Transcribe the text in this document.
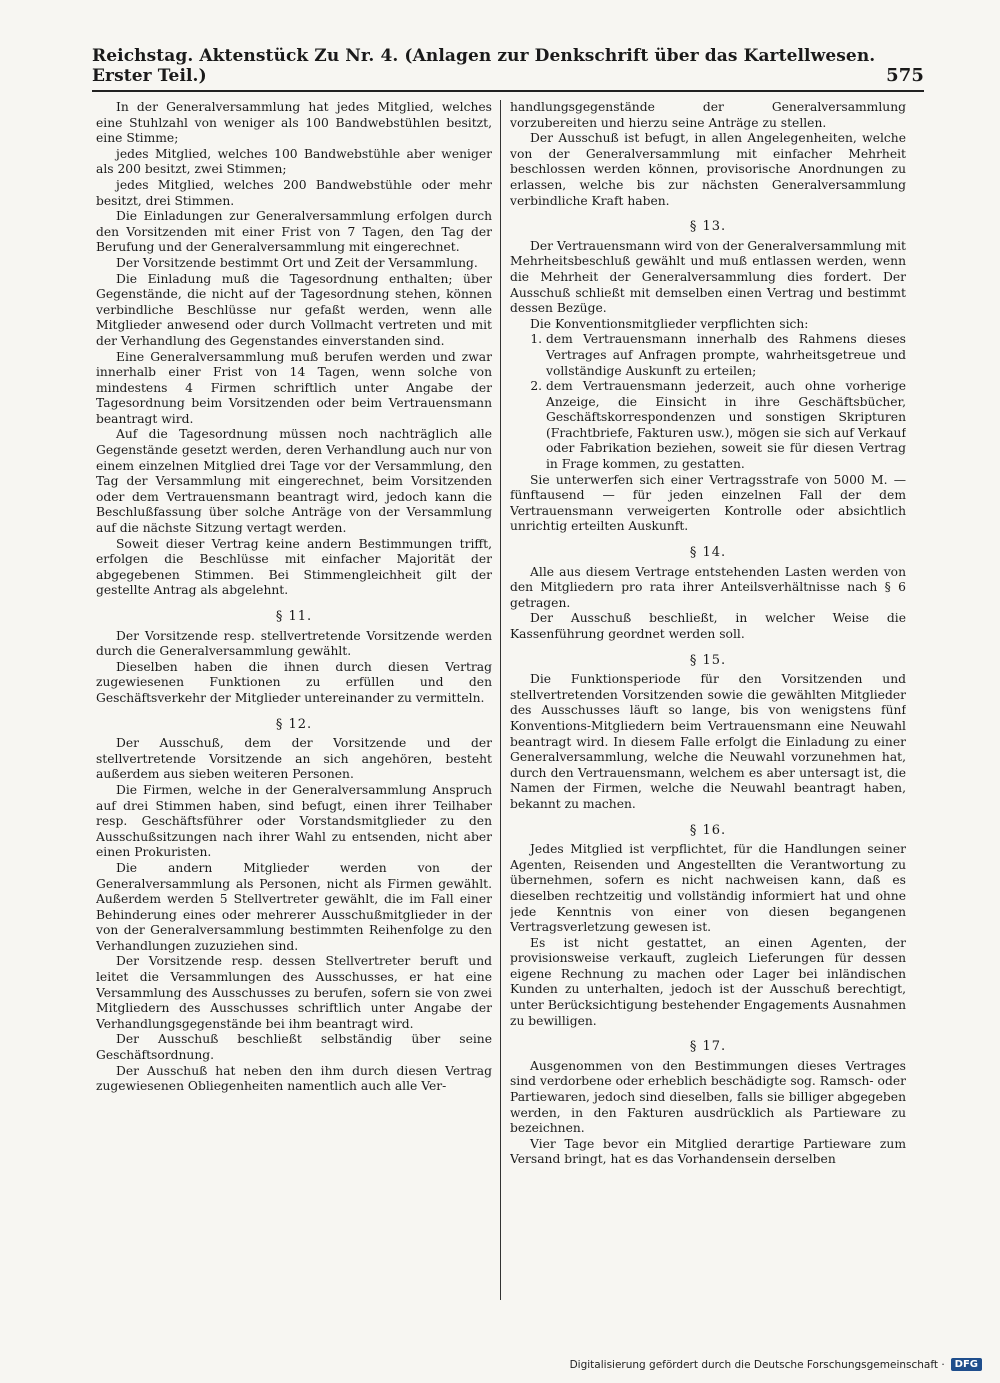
Reichstag. Aktenstück Zu Nr. 4. (Anlagen zur Denkschrift über das Kartellwesen. Erster Teil.)	575

In der Generalversammlung hat jedes Mitglied, welches eine Stuhlzahl von weniger als 100 Bandwebstühlen besitzt, eine Stimme;

jedes Mitglied, welches 100 Bandwebstühle aber weniger als 200 besitzt, zwei Stimmen;

jedes Mitglied, welches 200 Bandwebstühle oder mehr besitzt, drei Stimmen.

Die Einladungen zur Generalversammlung erfolgen durch den Vorsitzenden mit einer Frist von 7 Tagen, den Tag der Berufung und der Generalversammlung mit eingerechnet.

Der Vorsitzende bestimmt Ort und Zeit der Versammlung.

Die Einladung muß die Tagesordnung enthalten; über Gegenstände, die nicht auf der Tagesordnung stehen, können verbindliche Beschlüsse nur gefaßt werden, wenn alle Mitglieder anwesend oder durch Vollmacht vertreten und mit der Verhandlung des Gegenstandes einverstanden sind.

Eine Generalversammlung muß berufen werden und zwar innerhalb einer Frist von 14 Tagen, wenn solche von mindestens 4 Firmen schriftlich unter Angabe der Tagesordnung beim Vorsitzenden oder beim Vertrauensmann beantragt wird.

Auf die Tagesordnung müssen noch nachträglich alle Gegenstände gesetzt werden, deren Verhandlung auch nur von einem einzelnen Mitglied drei Tage vor der Versammlung, den Tag der Versammlung mit eingerechnet, beim Vorsitzenden oder dem Vertrauensmann beantragt wird, jedoch kann die Beschlußfassung über solche Anträge von der Versammlung auf die nächste Sitzung vertagt werden.

Soweit dieser Vertrag keine andern Bestimmungen trifft, erfolgen die Beschlüsse mit einfacher Majorität der abgegebenen Stimmen. Bei Stimmengleichheit gilt der gestellte Antrag als abgelehnt.

§ 11.

Der Vorsitzende resp. stellvertretende Vorsitzende werden durch die Generalversammlung gewählt.

Dieselben haben die ihnen durch diesen Vertrag zugewiesenen Funktionen zu erfüllen und den Geschäftsverkehr der Mitglieder untereinander zu vermitteln.

§ 12.

Der Ausschuß, dem der Vorsitzende und der stellvertretende Vorsitzende an sich angehören, besteht außerdem aus sieben weiteren Personen.

Die Firmen, welche in der Generalversammlung Anspruch auf drei Stimmen haben, sind befugt, einen ihrer Teilhaber resp. Geschäftsführer oder Vorstandsmitglieder zu den Ausschußsitzungen nach ihrer Wahl zu entsenden, nicht aber einen Prokuristen.

Die andern Mitglieder werden von der Generalversammlung als Personen, nicht als Firmen gewählt. Außerdem werden 5 Stellvertreter gewählt, die im Fall einer Behinderung eines oder mehrerer Ausschußmitglieder in der von der Generalversammlung bestimmten Reihenfolge zu den Verhandlungen zuzuziehen sind.

Der Vorsitzende resp. dessen Stellvertreter beruft und leitet die Versammlungen des Ausschusses, er hat eine Versammlung des Ausschusses zu berufen, sofern sie von zwei Mitgliedern des Ausschusses schriftlich unter Angabe der Verhandlungsgegenstände bei ihm beantragt wird.

Der Ausschuß beschließt selbständig über seine Geschäftsordnung.

Der Ausschuß hat neben den ihm durch diesen Vertrag zugewiesenen Obliegenheiten namentlich auch alle Ver-

handlungsgegenstände der Generalversammlung vorzubereiten und hierzu seine Anträge zu stellen.

Der Ausschuß ist befugt, in allen Angelegenheiten, welche von der Generalversammlung mit einfacher Mehrheit beschlossen werden können, provisorische Anordnungen zu erlassen, welche bis zur nächsten Generalversammlung verbindliche Kraft haben.

§ 13.

Der Vertrauensmann wird von der Generalversammlung mit Mehrheitsbeschluß gewählt und muß entlassen werden, wenn die Mehrheit der Generalversammlung dies fordert. Der Ausschuß schließt mit demselben einen Vertrag und bestimmt dessen Bezüge.

Die Konventionsmitglieder verpflichten sich:

1. dem Vertrauensmann innerhalb des Rahmens dieses Vertrages auf Anfragen prompte, wahrheitsgetreue und vollständige Auskunft zu erteilen;
2. dem Vertrauensmann jederzeit, auch ohne vorherige Anzeige, die Einsicht in ihre Geschäftsbücher, Geschäftskorrespondenzen und sonstigen Skripturen (Frachtbriefe, Fakturen usw.), mögen sie sich auf Verkauf oder Fabrikation beziehen, soweit sie für diesen Vertrag in Frage kommen, zu gestatten.

Sie unterwerfen sich einer Vertragsstrafe von 5000 M. — fünftausend — für jeden einzelnen Fall der dem Vertrauensmann verweigerten Kontrolle oder absichtlich unrichtig erteilten Auskunft.

§ 14.

Alle aus diesem Vertrage entstehenden Lasten werden von den Mitgliedern pro rata ihrer Anteilsverhältnisse nach § 6 getragen.

Der Ausschuß beschließt, in welcher Weise die Kassenführung geordnet werden soll.

§ 15.

Die Funktionsperiode für den Vorsitzenden und stellvertretenden Vorsitzenden sowie die gewählten Mitglieder des Ausschusses läuft so lange, bis von wenigstens fünf Konventions-Mitgliedern beim Vertrauensmann eine Neuwahl beantragt wird. In diesem Falle erfolgt die Einladung zu einer Generalversammlung, welche die Neuwahl vorzunehmen hat, durch den Vertrauensmann, welchem es aber untersagt ist, die Namen der Firmen, welche die Neuwahl beantragt haben, bekannt zu machen.

§ 16.

Jedes Mitglied ist verpflichtet, für die Handlungen seiner Agenten, Reisenden und Angestellten die Verantwortung zu übernehmen, sofern es nicht nachweisen kann, daß es dieselben rechtzeitig und vollständig informiert hat und ohne jede Kenntnis von einer von diesen begangenen Vertragsverletzung gewesen ist.

Es ist nicht gestattet, an einen Agenten, der provisionsweise verkauft, zugleich Lieferungen für dessen eigene Rechnung zu machen oder Lager bei inländischen Kunden zu unterhalten, jedoch ist der Ausschuß berechtigt, unter Berücksichtigung bestehender Engagements Ausnahmen zu bewilligen.

§ 17.

Ausgenommen von den Bestimmungen dieses Vertrages sind verdorbene oder erheblich beschädigte sog. Ramsch- oder Partiewaren, jedoch sind dieselben, falls sie billiger abgegeben werden, in den Fakturen ausdrücklich als Partieware zu bezeichnen.

Vier Tage bevor ein Mitglied derartige Partieware zum Versand bringt, hat es das Vorhandensein derselben

Digitalisierung gefördert durch die Deutsche Forschungsgemeinschaft ·	DFG
